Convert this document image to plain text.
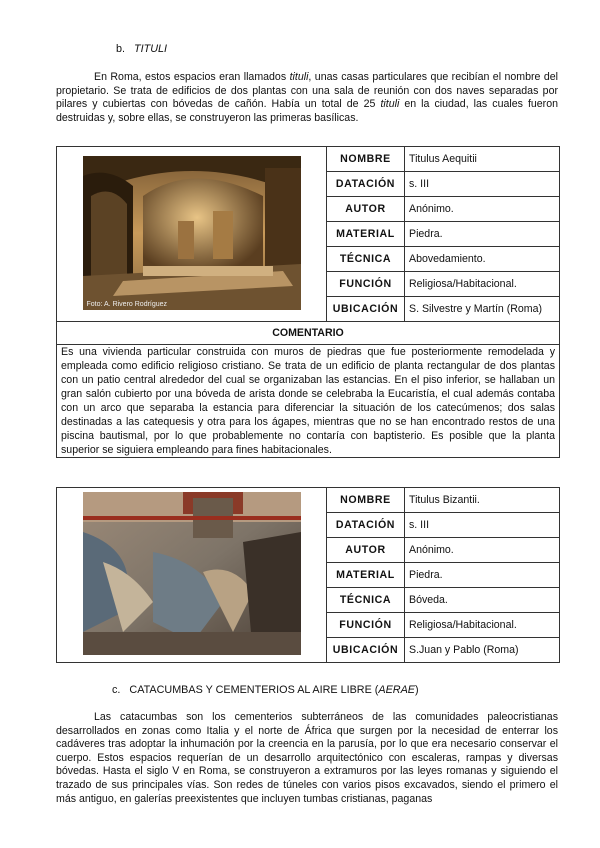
b. TITULI

En Roma, estos espacios eran llamados tituli, unas casas particulares que recibían el nombre del propietario. Se trata de edificios de dos plantas con una sala de reunión con dos naves separadas por pilares y cubiertas con bóvedas de cañón. Había un total de 25 tituli en la ciudad, las cuales fueron destruidas y, sobre ellas, se construyeron las primeras basílicas.

Foto: A. Rivero Rodríguez	NOMBRE	Titulus Aequitii
	DATACIÓN	s. III
	AUTOR	Anónimo.
	MATERIAL	Piedra.
	TÉCNICA	Abovedamiento.
	FUNCIÓN	Religiosa/Habitacional.
	UBICACIÓN	S. Silvestre y Martín (Roma)
COMENTARIO		
Es una vivienda particular construida con muros de piedras que fue posteriormente remodelada y empleada como edificio religioso cristiano. Se trata de un edificio de planta rectangular de dos plantas con un patio central alrededor del cual se organizaban las estancias. En el piso inferior, se hallaban un gran salón cubierto por una bóveda de arista donde se celebraba la Eucaristía, el cual además contaba con un arco que separaba la estancia para diferenciar la situación de los catecúmenos; dos salas destinadas a las catequesis y otra para los ágapes, mientras que no se han encontrado restos de una piscina bautismal, por lo que probablemente no contaría con baptisterio. Es posible que la planta superior se siguiera empleando para fines habitacionales.		
	NOMBRE	Titulus Bizantii.
	DATACIÓN	s. III
	AUTOR	Anónimo.
	MATERIAL	Piedra.
	TÉCNICA	Bóveda.
	FUNCIÓN	Religiosa/Habitacional.
	UBICACIÓN	S.Juan y Pablo (Roma)
c. CATACUMBAS Y CEMENTERIOS AL AIRE LIBRE (AERAE)

Las catacumbas son los cementerios subterráneos de las comunidades paleocristianas desarrollados en zonas como Italia y el norte de África que surgen por la necesidad de enterrar los cadáveres tras adoptar la inhumación por la creencia en la parusía, por lo que era necesario conservar el cuerpo. Estos espacios requerían de un desarrollo arquitectónico con escaleras, rampas y diversas bóvedas. Hasta el siglo V en Roma, se construyeron a extramuros por las leyes romanas y siguiendo el trazado de sus principales vías. Son redes de túneles con varios pisos excavados, siendo el primero el más antiguo, en galerías preexistentes que incluyen tumbas cristianas, paganas
